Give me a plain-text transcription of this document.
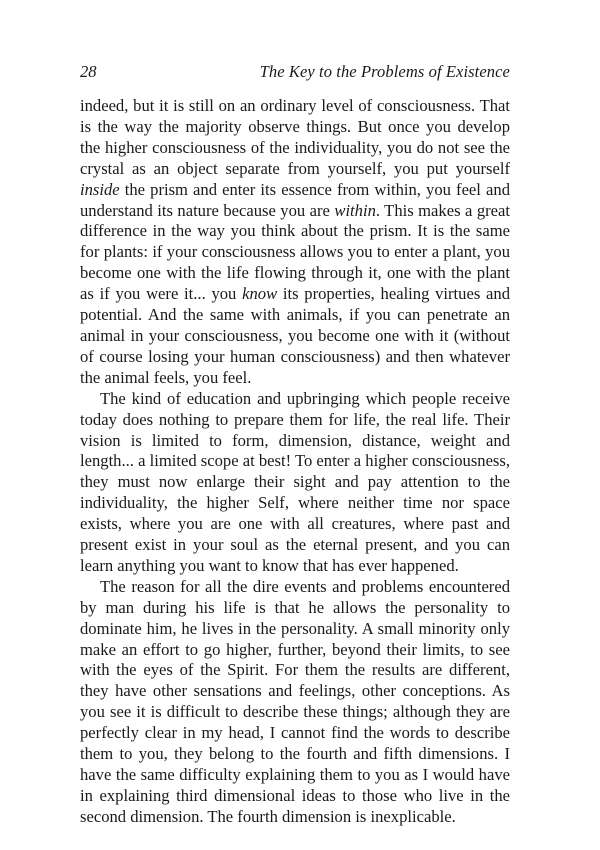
28	The Key to the Problems of Existence

indeed, but it is still on an ordinary level of consciousness. That is the way the majority observe things. But once you develop the higher consciousness of the individuality, you do not see the crystal as an object separate from yourself, you put yourself inside the prism and enter its essence from within, you feel and understand its nature because you are within. This makes a great difference in the way you think about the prism. It is the same for plants: if your consciousness allows you to enter a plant, you become one with the life flowing through it, one with the plant as if you were it... you know its properties, healing virtues and potential. And the same with animals, if you can penetrate an animal in your consciousness, you become one with it (without of course losing your human consciousness) and then whatever the animal feels, you feel.

The kind of education and upbringing which people receive today does nothing to prepare them for life, the real life. Their vision is limited to form, dimension, distance, weight and length... a limited scope at best! To enter a higher consciousness, they must now enlarge their sight and pay attention to the individuality, the higher Self, where neither time nor space exists, where you are one with all creatures, where past and present exist in your soul as the eternal present, and you can learn anything you want to know that has ever happened.

The reason for all the dire events and problems encountered by man during his life is that he allows the personality to dominate him, he lives in the personality. A small minority only make an effort to go higher, further, beyond their limits, to see with the eyes of the Spirit. For them the results are different, they have other sensations and feelings, other conceptions. As you see it is difficult to describe these things; although they are perfectly clear in my head, I cannot find the words to describe them to you, they belong to the fourth and fifth dimensions. I have the same difficulty explaining them to you as I would have in explaining third dimensional ideas to those who live in the second dimension. The fourth dimension is inexplicable.
